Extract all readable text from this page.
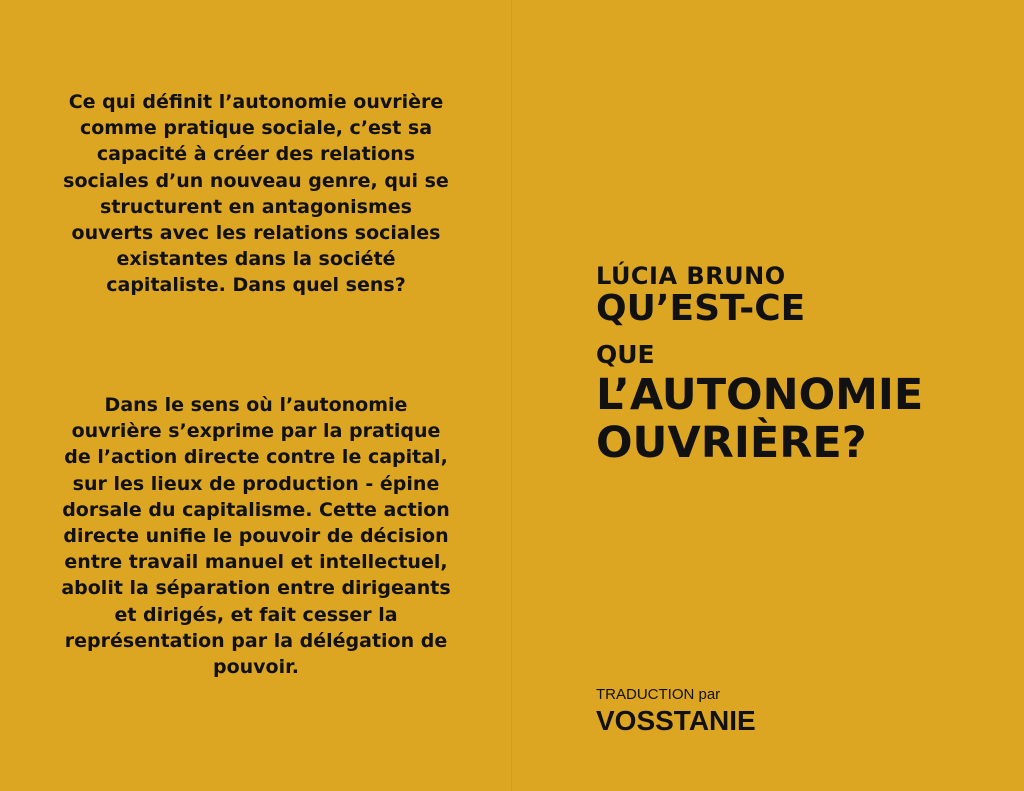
Ce qui définit l’autonomie ouvrière comme pratique sociale, c’est sa capacité à créer des relations sociales d’un nouveau genre, qui se structurent en antagonismes ouverts avec les relations sociales existantes dans la société capitaliste. Dans quel sens?
Dans le sens où l’autonomie ouvrière s’exprime par la pratique de l’action directe contre le capital, sur les lieux de production - épine dorsale du capitalisme. Cette action directe unifie le pouvoir de décision entre travail manuel et intellectuel, abolit la séparation entre dirigeants et dirigés, et fait cesser la représentation par la délégation de pouvoir.
LÚCIA BRUNO
QU’EST-CE
QUE
L’AUTONOMIE
OUVRIÈRE?
TRADUCTION par
VOSSTANIE
